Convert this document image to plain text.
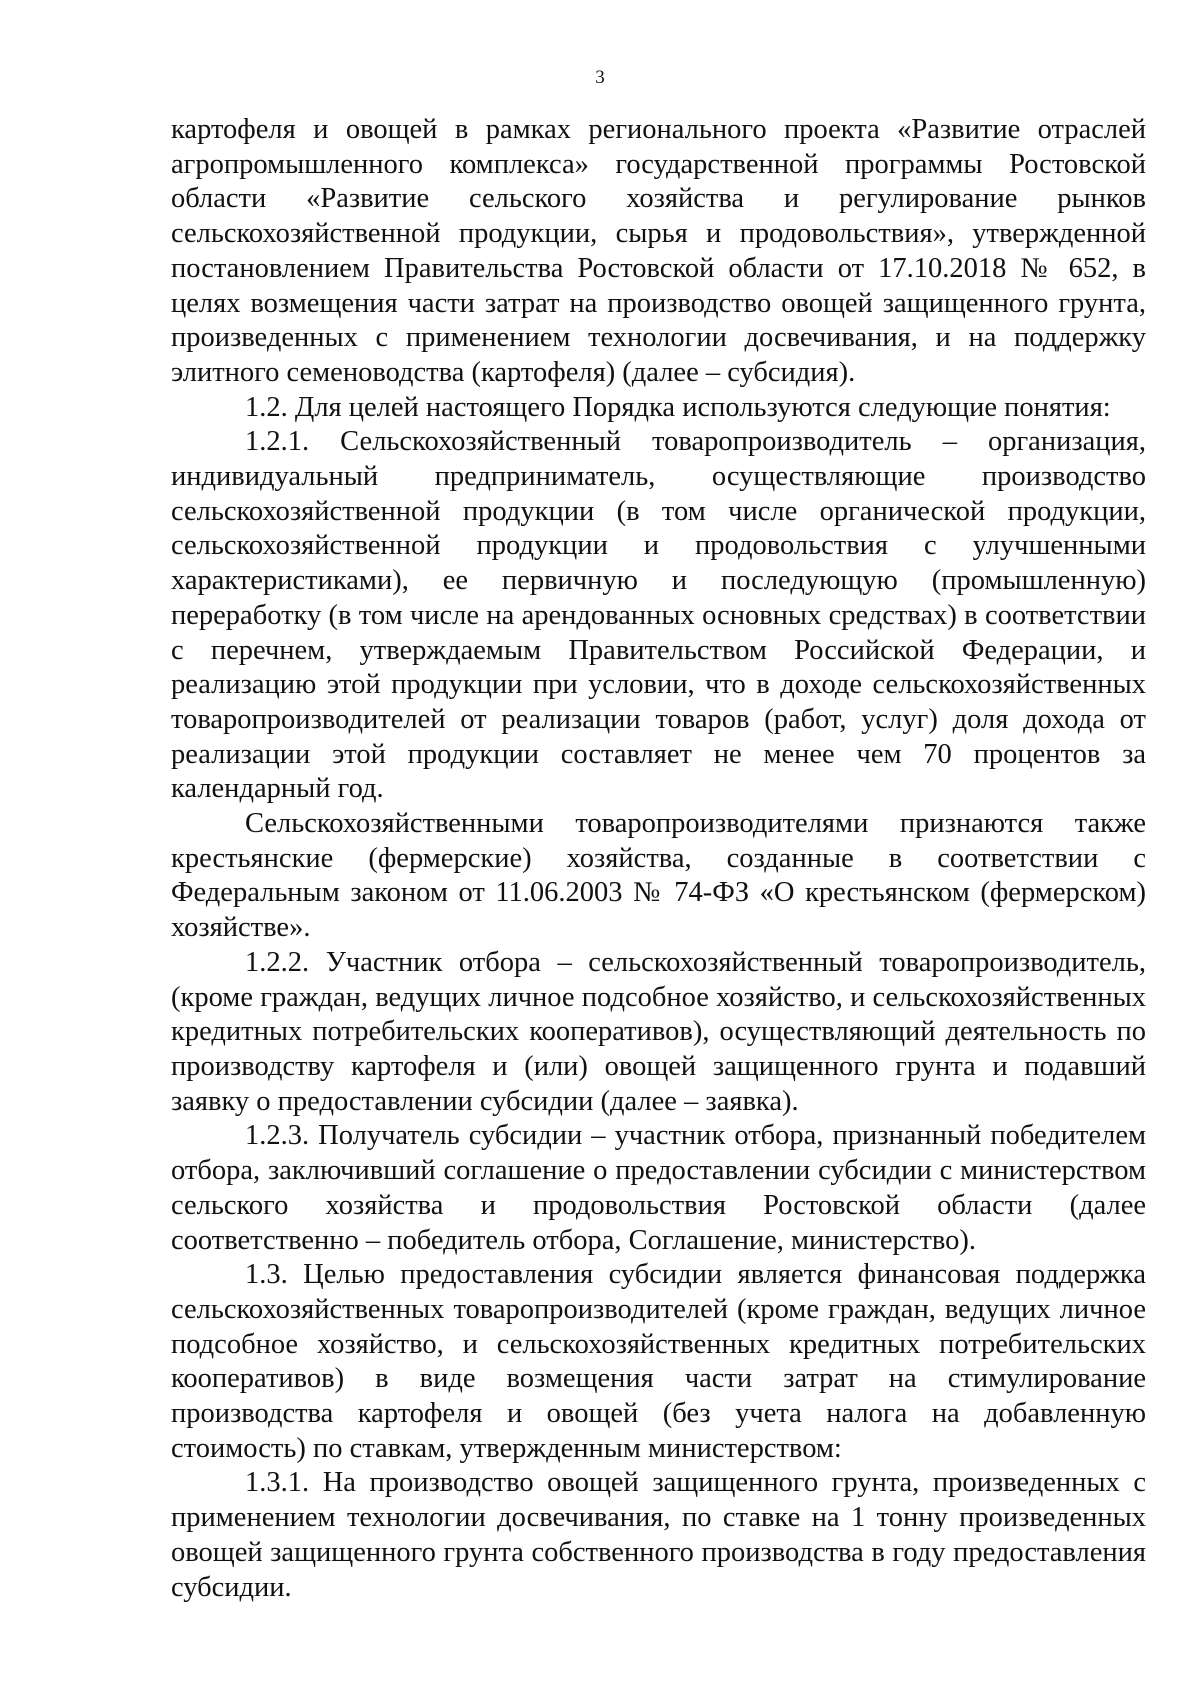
3

картофеля и овощей в рамках регионального проекта «Развитие отраслей агропромышленного комплекса» государственной программы Ростовской области «Развитие сельского хозяйства и регулирование рынков сельскохозяйственной продукции, сырья и продовольствия», утвержденной постановлением Правительства Ростовской области от 17.10.2018 № 652, в целях возмещения части затрат на производство овощей защищенного грунта, произведенных с применением технологии досвечивания, и на поддержку элитного семеноводства (картофеля) (далее – субсидия).

1.2. Для целей настоящего Порядка используются следующие понятия:

1.2.1. Сельскохозяйственный товаропроизводитель – организация, индивидуальный предприниматель, осуществляющие производство сельскохозяйственной продукции (в том числе органической продукции, сельскохозяйственной продукции и продовольствия с улучшенными характеристиками), ее первичную и последующую (промышленную) переработку (в том числе на арендованных основных средствах) в соответствии с перечнем, утверждаемым Правительством Российской Федерации, и реализацию этой продукции при условии, что в доходе сельскохозяйственных товаропроизводителей от реализации товаров (работ, услуг) доля дохода от реализации этой продукции составляет не менее чем 70 процентов за календарный год.

Сельскохозяйственными товаропроизводителями признаются также крестьянские (фермерские) хозяйства, созданные в соответствии с Федеральным законом от 11.06.2003 № 74-ФЗ «О крестьянском (фермерском) хозяйстве».

1.2.2. Участник отбора – сельскохозяйственный товаропроизводитель, (кроме граждан, ведущих личное подсобное хозяйство, и сельскохозяйственных кредитных потребительских кооперативов), осуществляющий деятельность по производству картофеля и (или) овощей защищенного грунта и подавший заявку о предоставлении субсидии (далее – заявка).

1.2.3. Получатель субсидии – участник отбора, признанный победителем отбора, заключивший соглашение о предоставлении субсидии с министерством сельского хозяйства и продовольствия Ростовской области (далее соответственно – победитель отбора, Соглашение, министерство).

1.3. Целью предоставления субсидии является финансовая поддержка сельскохозяйственных товаропроизводителей (кроме граждан, ведущих личное подсобное хозяйство, и сельскохозяйственных кредитных потребительских кооперативов) в виде возмещения части затрат на стимулирование производства картофеля и овощей (без учета налога на добавленную стоимость) по ставкам, утвержденным министерством:

1.3.1. На производство овощей защищенного грунта, произведенных с применением технологии досвечивания, по ставке на 1 тонну произведенных овощей защищенного грунта собственного производства в году предоставления субсидии.
